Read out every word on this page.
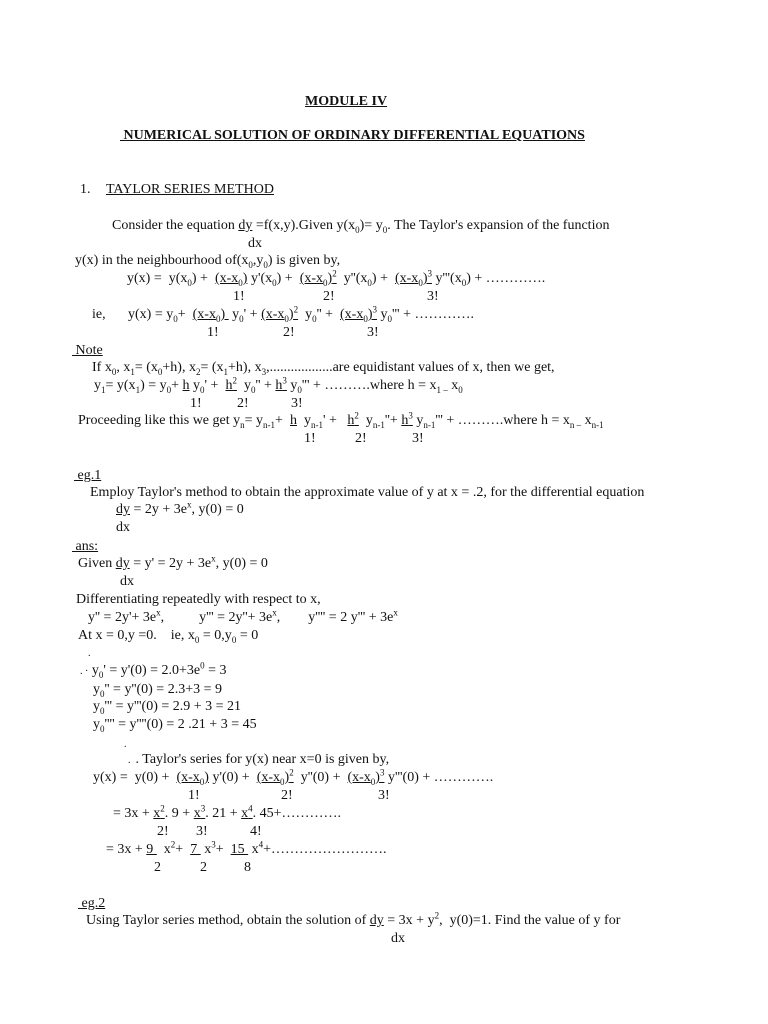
MODULE IV
NUMERICAL SOLUTION OF ORDINARY DIFFERENTIAL EQUATIONS
1. TAYLOR SERIES METHOD
Consider the equation dy =f(x,y).Given $y(x_0)= y_0$. The Taylor's expansion of the function
dx
y(x) in the neighbourhood $of(x_0,y_0)$ is given by,
$y(x) = y(x_0) + (x-x_0) y'(x_0) + (x-x_0)^2$  $y''(x_0) + (x-x_0)^3$ $y'''(x_0)$ + ………….
1!	2!	3!
ie, $y(x) = y_0+ (x-x_0) y_0' + (x-x_0)^2$  $y_0'' + (x-x_0)^3$ $y_0'''$ + ………….
1!	2!	3!
Note
If $x_0$, $x_1= (x_0+h)$, $x_2= (x_1+h)$, $x_3,..................are$ equidistant values of x, then we get,
$y_1= y(x_1) = y_0+ h$ $y_0' + h^2$  $y_0'' + h^3$ $y_0'''$ + ……….where $h = x_{1 -}$ $x_0$
1!	2!	3!
Proceeding like this we get $y_n= y_{n-1}+ h$  $y_{n-1}' + h^2$  $y_{n-1}''+ h^3$ $y_{n-1}'''$ + ……….where $h = x_{n -}$ $x_{n-1}$
1!	2!	3!
eg.1
Employ Taylor's method to obtain the approximate value of y at x = .2, for the differential equation
dy = $2y + 3e^x$, y(0) = 0
dx
ans:
Given dy = $y' = 2y + 3e^x$, y(0) = 0
dx
Differentiating repeatedly with respect to x,
$y'' = 2y'+ 3e^x$,          $y''' = 2y''+ 3e^x$,        y'''' = 2 $y''' + 3e^x$
At x = 0,y =0.    ie, $x_0 = 0,y_0 = 0$
.
. · $y_0' = y'(0) = 2.0+3e^0 = 3$
$y_0'' = y''(0) = 2.3+3 = 9$
$y_0''' = y'''(0) = 2.9 + 3 = 21$
$y_0'''' = y''''(0) = 2$ .21 + 3 = 45
.
.  . Taylor's series for y(x) near x=0 is given by,
$y(x) = y(0) + (x-x_0) y'(0) + (x-x_0)^2$  $y''(0) + (x-x_0)^3$ y'''(0) + ………….
1!	2!	3!
= $3x + x^2$. $9 + x^3$. $21 + x^4$. 45+………….
2! 3!	4!
= 3x + 9   $x^2+ 7$  $x^3+ 15$  $x^4+\dots\dots\dots\dots\dots\dots\dots\dots$.
2	2	8
eg.2
Using Taylor series method, obtain the solution of dy = $3x + y^2$,  y(0)=1. Find the value of y for
dx
